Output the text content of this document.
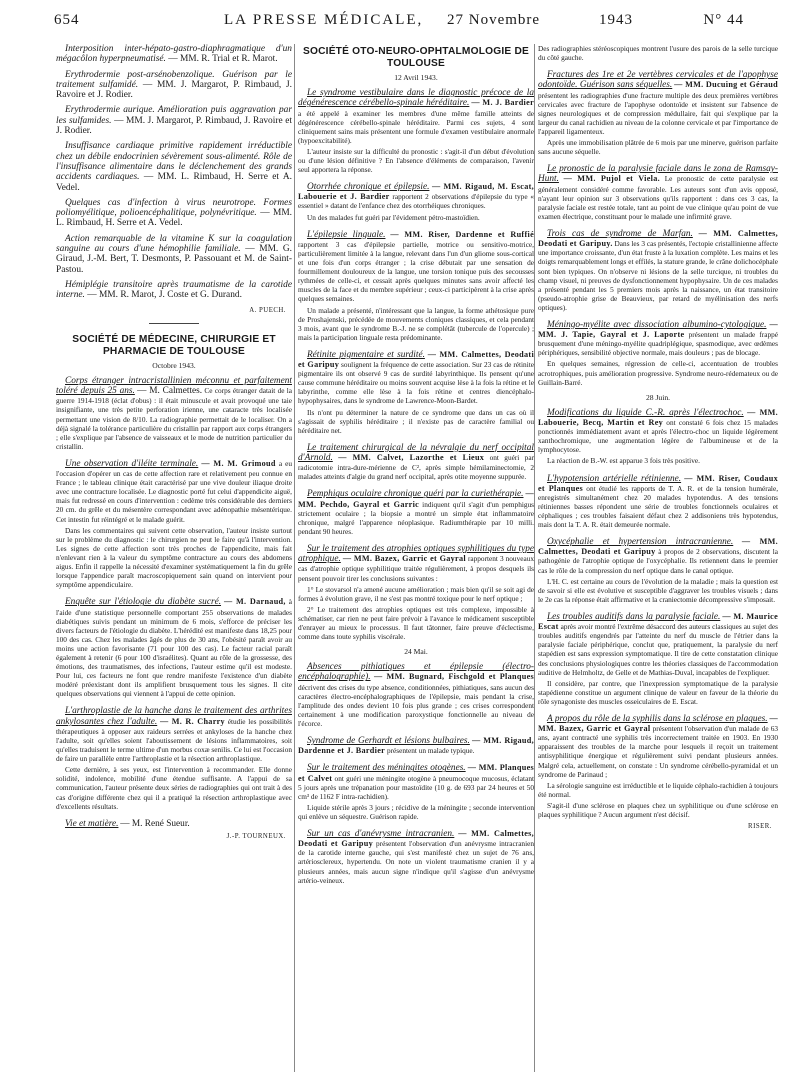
654	LA PRESSE MÉDICALE, 27 Novembre	1943	N° 44

Interposition inter-hépato-gastro-diaphragmatique d'un mégacôlon hyperpneumatisé. — MM. R. Trial et R. Marot.

Erythrodermie post-arsénobenzolique. Guérison par le traitement sulfamidé. — MM. J. Margarot, P. Rimbaud, J. Ravoire et J. Rodier.

Erythrodermie aurique. Amélioration puis aggravation par les sulfamides. — MM. J. Margarot, P. Rimbaud, J. Ravoire et J. Rodier.

Insuffisance cardiaque primitive rapidement irréductible chez un débile endocrinien sévèrement sous-alimenté. Rôle de l'insuffisance alimentaire dans le déclenchement des grands accidents cardiaques. — MM. L. Rimbaud, H. Serre et A. Vedel.

Quelques cas d'infection à virus neurotrope. Formes poliomyélitique, polioencéphalitique, polynévritique. — MM. L. Rimbaud, H. Serre et A. Vedel.

Action remarquable de la vitamine K sur la coagulation sanguine au cours d'une hémophilie familiale. — MM. G. Giraud, J.-M. Bert, T. Desmonts, P. Passouant et M. de Saint-Pastou.

Hémiplégie transitoire après traumatisme de la carotide interne. — MM. R. Marot, J. Coste et G. Durand.

A. PUECH.
SOCIÉTÉ DE MÉDECINE, CHIRURGIE ET PHARMACIE DE TOULOUSE
Octobre 1943.

Corps étranger intracristallinien méconnu et parfaitement toléré depuis 25 ans. — M. Calmettes. Ce corps étranger datait de la guerre 1914-1918 (éclat d'obus) : il était minuscule et avait provoqué une taie insignifiante, une très petite perforation irienne, une cataracte très localisée permettant une vision de 8/10. La radiographie permettait de le localiser. On a déjà signalé la tolérance particulière du cristallin par rapport aux corps étrangers ; elle s'explique par l'absence de vaisseaux et le mode de nutrition particulier du cristallin.

Une observation d'iléite terminale. — M. M. Grimoud a eu l'occasion d'opérer un cas de cette affection rare et relativement peu connue en France ; le tableau clinique était caractérisé par une vive douleur iliaque droite avec une contracture localisée. Le diagnostic porté fut celui d'appendicite aiguë, mais fut redressé en cours d'intervention : cedème très considérable des derniers 20 cm. du grêle et du mésentère correspondant avec adénopathie mésentérique. Cet intestin fut réintégré et le malade guérit.

Dans les commentaires qui suivent cette observation, l'auteur insiste surtout sur le problème du diagnostic : le chirurgien ne peut le faire qu'à l'intervention. Les signes de cette affection sont très proches de l'appendicite, mais fait n'enlevant rien à la valeur du symptôme contracture au cours des abdomens aigus. Enfin il rappelle la nécessité d'examiner systématiquement la fin du grêle lorsque l'appendice paraît macroscopiquement sain quand on intervient pour symptôme appendiculaire.

Enquête sur l'étiologie du diabète sucré. — M. Darnaud, à l'aide d'une statistique personnelle comportant 255 observations de malades diabétiques suivis pendant un minimum de 6 mois, s'efforce de préciser les divers facteurs de l'étiologie du diabète. L'hérédité est manifeste dans 18,25 pour 100 des cas. Chez les malades âgés de plus de 30 ans, l'obésité paraît avoir au moins une action favorisante (71 pour 100 des cas). Le facteur racial paraît également à retenir (6 pour 100 d'israélites). Quant au rôle de la grossesse, des émotions, des traumatismes, des infections, l'auteur estime qu'il est modeste. Pour lui, ces facteurs ne font que rendre manifeste l'existence d'un diabète modéré préexistant dont ils amplifient brusquement tous les signes. Il cite quelques observations qui viennent à l'appui de cette opinion.

L'arthroplastie de la hanche dans le traitement des arthrites ankylosantes chez l'adulte. — M. R. Charry étudie les possibilités thérapeutiques à opposer aux raideurs serrées et ankyloses de la hanche chez l'adulte, soit qu'elles soient l'aboutissement de lésions inflammatoires, soit qu'elles traduisent le terme ultime d'un morbus coxæ senilis. Ce lui est l'occasion de faire un parallèle entre l'arthroplastie et la résection arthroplastique.

Cette dernière, à ses yeux, est l'intervention à recommander. Elle donne solidité, indolence, mobilité d'une étendue suffisante. A l'appui de sa communication, l'auteur présente deux séries de radiographies qui ont trait à des cas d'origine différente chez qui il a pratiqué la résection arthroplastique avec d'excellents résultats.

Vie et matière. — M. René Sueur.

J.-P. TOURNEUX.
SOCIÉTÉ OTO-NEURO-OPHTALMOLOGIE DE TOULOUSE
12 Avril 1943.

Le syndrome vestibulaire dans le diagnostic précoce de la dégénérescence cérébello-spinale héréditaire. — M. J. Bardier a été appelé à examiner les membres d'une même famille atteints de dégénérescence cérébello-spinale héréditaire. Parmi ces sujets, 4 sont cliniquement sains mais présentent une formule d'examen vestibulaire anormale (hypoexcitabilité).

L'auteur insiste sur la difficulté du pronostic : s'agit-il d'un début d'évolution ou d'une lésion définitive ? En l'absence d'éléments de comparaison, l'avenir seul apportera la réponse.

Otorrhée chronique et épilepsie. — MM. Rigaud, M. Escat, Labouerie et J. Bardier rapportent 2 observations d'épilepsie du type « essentiel » datant de l'enfance chez des otorrhéiques chroniques.

Un des malades fut guéri par l'évidement pétro-mastoïdien.

L'épilepsie linguale. — MM. Riser, Dardenne et Ruffié rapportent 3 cas d'épilepsie partielle, motrice ou sensitivo-motrice, particulièrement limitée à la langue, relevant dans l'un d'un gliome sous-cortical et une fois d'un corps étranger ; la crise débutait par une sensation de fourmillement douloureux de la langue, une torsion tonique puis des secousses rythmées de celle-ci, et cessait après quelques minutes sans avoir affecté les muscles de la face et du membre supérieur ; ceux-ci participèrent à la crise après quelques semaines.

Un malade a présenté, n'intéressant que la langue, la forme athétosique pure de Proshajenski, précédée de mouvements cloniques classiques, et cela pendant 3 mois, avant que le syndrome B.-J. ne se complétât (tubercule de l'opercule) ; mais la participation linguale resta prédominante.

Rétinite pigmentaire et surdité. — MM. Calmettes, Deodati et Garipuy soulignent la fréquence de cette association. Sur 23 cas de rétinite pigmentaire ils ont observé 9 cas de surdité labyrinthique. Ils pensent qu'une cause commune héréditaire ou moins souvent acquise lèse à la fois la rétine et le labyrinthe, comme elle lèse à la fois rétine et centres diencéphalo-hypophysaires, dans le syndrome de Lawrence-Moon-Bardet.

Ils n'ont pu déterminer la nature de ce syndrome que dans un cas où il s'agissait de syphilis héréditaire ; il n'existe pas de caractère familial ou héréditaire net.

Le traitement chirurgical de la névralgie du nerf occipital d'Arnold. — MM. Calvet, Lazorthe et Lieux ont guéri par radicotomie intra-dure-mérienne de C², après simple hémilaminectomie, 2 malades atteints d'algie du grand nerf occipital, après otite moyenne suppurée.

Pemphigus oculaire chronique guéri par la curiethérapie. — MM. Pechdo, Gayral et Garric indiquent qu'il s'agit d'un pemphigus strictement oculaire ; la biopsie a montré un simple état inflammatoire chronique, malgré l'apparence néoplasique. Radiumthérapie par 10 milli. pendant 90 heures.

Sur le traitement des atrophies optiques syphilitiques du type atrophique. — MM. Bazex, Garric et Gayral rapportent 3 nouveaux cas d'atrophie optique syphilitique traitée régulièrement, à propos desquels ils pensent pouvoir tirer les conclusions suivantes :

1° Le stovarsol n'a amené aucune amélioration ; mais bien qu'il se soit agi de formes à évolution grave, il ne s'est pas montré toxique pour le nerf optique ;

2° Le traitement des atrophies optiques est très complexe, impossible à schématiser, car rien ne peut faire prévoir à l'avance le médicament susceptible d'enrayer au mieux le processus. Il faut tâtonner, faire preuve d'éclectisme, comme dans toute syphilis viscérale.

24 Mai.

Absences pithiatiques et épilepsie (électro-encéphalographie). — MM. Bugnard, Fischgold et Planques décrivent des crises du type absence, conditionnées, pithiatiques, sans aucun des caractères électro-encéphalographiques de l'épilepsie, mais pendant la crise, l'amplitude des ondes devient 10 fois plus grande ; ces crises correspondent certainement à une modification paroxystique fonctionnelle au niveau de l'écorce.

Syndrome de Gerhardt et lésions bulbaires. — MM. Rigaud, Dardenne et J. Bardier présentent un malade typique.

Sur le traitement des méningites otogènes. — MM. Planques et Calvet ont guéri une méningite otogène à pneumocoque mucosus, éclatant 5 jours après une trépanation pour mastoïdite (10 g. de 693 par 24 heures et 50 cm³ de 1162 F intra-rachidien).

Liquide stérile après 3 jours ; récidive de la méningite ; seconde intervention qui enlève un séquestre. Guérison rapide.

Sur un cas d'anévrysme intracranien. — MM. Calmettes, Deodati et Garipuy présentent l'observation d'un anévrysme intracranien de la carotide interne gauche, qui s'est manifesté chez un sujet de 76 ans, artériosclereux, hypertendu. On note un violent traumatisme cranien il y a plusieurs années, mais aucun signe n'indique qu'il s'agisse d'un anévrysme artério-veineux.

Des radiographies stéréoscopiques montrent l'usure des parois de la selle turcique du côté gauche.

Fractures des 1re et 2e vertèbres cervicales et de l'apophyse odontoïde. Guérison sans séquelles. — MM. Ducuing et Géraud présentent les radiographies d'une fracture multiple des deux premières vertèbres cervicales avec fracture de l'apophyse odontoïde et insistent sur l'absence de signes neurologiques et de compression médullaire, fait qui s'explique par la largeur du canal rachidien au niveau de la colonne cervicale et par l'importance de l'appareil ligamenteux.

Après une immobilisation plâtrée de 6 mois par une minerve, guérison parfaite sans aucune séquelle.

Le pronostic de la paralysie faciale dans le zona de Ramsay-Hunt. — MM. Pujol et Viela. Le pronostic de cette paralysie est généralement considéré comme favorable. Les auteurs sont d'un avis opposé, n'ayant leur opinion sur 3 observations qu'ils rapportent : dans ces 3 cas, la paralysie faciale est restée totale, tant au point de vue clinique qu'au point de vue examen électrique, constituant pour le malade une infirmité grave.

Trois cas de syndrome de Marfan. — MM. Calmettes, Deodati et Garipuy. Dans les 3 cas présentés, l'ectopie cristallinienne affecte une importance croissante, d'un état fruste à la luxation complète. Les mains et les doigts remarquablement longs et effilés, la stature grande, le crâne dolichocéphale sont bien typiques. On n'observe ni lésions de la selle turcique, ni troubles du champ visuel, ni preuves de dysfonctionnement hypophysaire. Un de ces malades a présenté pendant les 5 premiers mois après la naissance, un état transitoire (pseudo-atrophie grise de Beauvieux, par retard de myélinisation des nerfs optiques).

Méningo-myélite avec dissociation albumino-cytologique. — MM. J. Tapie, Gayral et J. Laporte présentent un malade frappé brusquement d'une méningo-myélite quadriplégique, spasmodique, avec œdèmes périphériques, sensibilité objective normale, mais douleurs ; pas de blocage.

En quelques semaines, régression de celle-ci, accentuation de troubles acrotrophiques, puis amélioration progressive. Syndrome neuro-rédemateux ou de Guillain-Barré.

28 Juin.

Modifications du liquide C.-R. après l'électrochoc. — MM. Labouerie, Becq, Martin et Rey ont constaté 6 fois chez 15 malades ponctionnés immédiatement avant et après l'électro-choc un liquide légèrement xanthochromique, une augmentation légère de l'albumineuse et de la lymphocytose.

La réaction de B.-W. est apparue 3 fois très positive.

L'hypotension artérielle rétinienne. — MM. Riser, Coudaux et Planques ont étudié les rapports de T. A. R. et de la tension humérale, enregistrés simultanément chez 20 malades hypotendus. A des tensions rétiniennes basses répondent une série de troubles fonctionnels oculaires et céphaliques ; ces troubles faisaient défaut chez 2 addisoniens très hypotendus, mais dont la T. A. R. était demeurée normale.

Oxycéphalie et hypertension intracranienne. — MM. Calmettes, Deodati et Garipuy à propos de 2 observations, discutent la pathogénie de l'atrophie optique de l'oxycéphalie. Ils retiennent dans le premier cas le rôle de la compression du nerf optique dans le canal optique.

L'H. C. est certaine au cours de l'évolution de la maladie ; mais la question est de savoir si elle est évolutive et susceptible d'aggraver les troubles visuels ; dans le 2e cas la réponse était affirmative et la craniectomie décompressive s'imposait.

Les troubles auditifs dans la paralysie faciale. — M. Maurice Escat après avoir montré l'extrême désaccord des auteurs classiques au sujet des troubles auditifs engendrés par l'atteinte du nerf du muscle de l'étrier dans la paralysie faciale périphérique, conclut que, pratiquement, la paralysie du nerf stapédien est sans expression symptomatique. Il tire de cette constatation clinique des conclusions physiologiques contre les théories classiques de l'accommodation auditive de Helmholtz, de Gelle et de Mathias-Duval, incapables de l'expliquer.

Il considère, par contre, que l'inexpression symptomatique de la paralysie stapédienne constitue un argument clinique de valeur en faveur de la théorie du rôle synagoniste des muscles osseiculaires de E. Escat.

A propos du rôle de la syphilis dans la sclérose en plaques. — MM. Bazex, Garric et Gayral présentent l'observation d'un malade de 63 ans, ayant contracté une syphilis très incorrectement traitée en 1903. En 1930 apparaissent des troubles de la marche pour lesquels il reçoit un traitement antisyphilitique énergique et régulièrement suivi pendant plusieurs années. Malgré cela, actuellement, on constate : Un syndrome cérébello-pyramidal et un syndrome de Parinaud ;

La sérologie sanguine est irréductible et le liquide céphalo-rachidien à toujours été normal.

S'agit-il d'une sclérose en plaques chez un syphilitique ou d'une sclérose en plaques syphilitique ? Aucun argument n'est décisif.

RISER.
